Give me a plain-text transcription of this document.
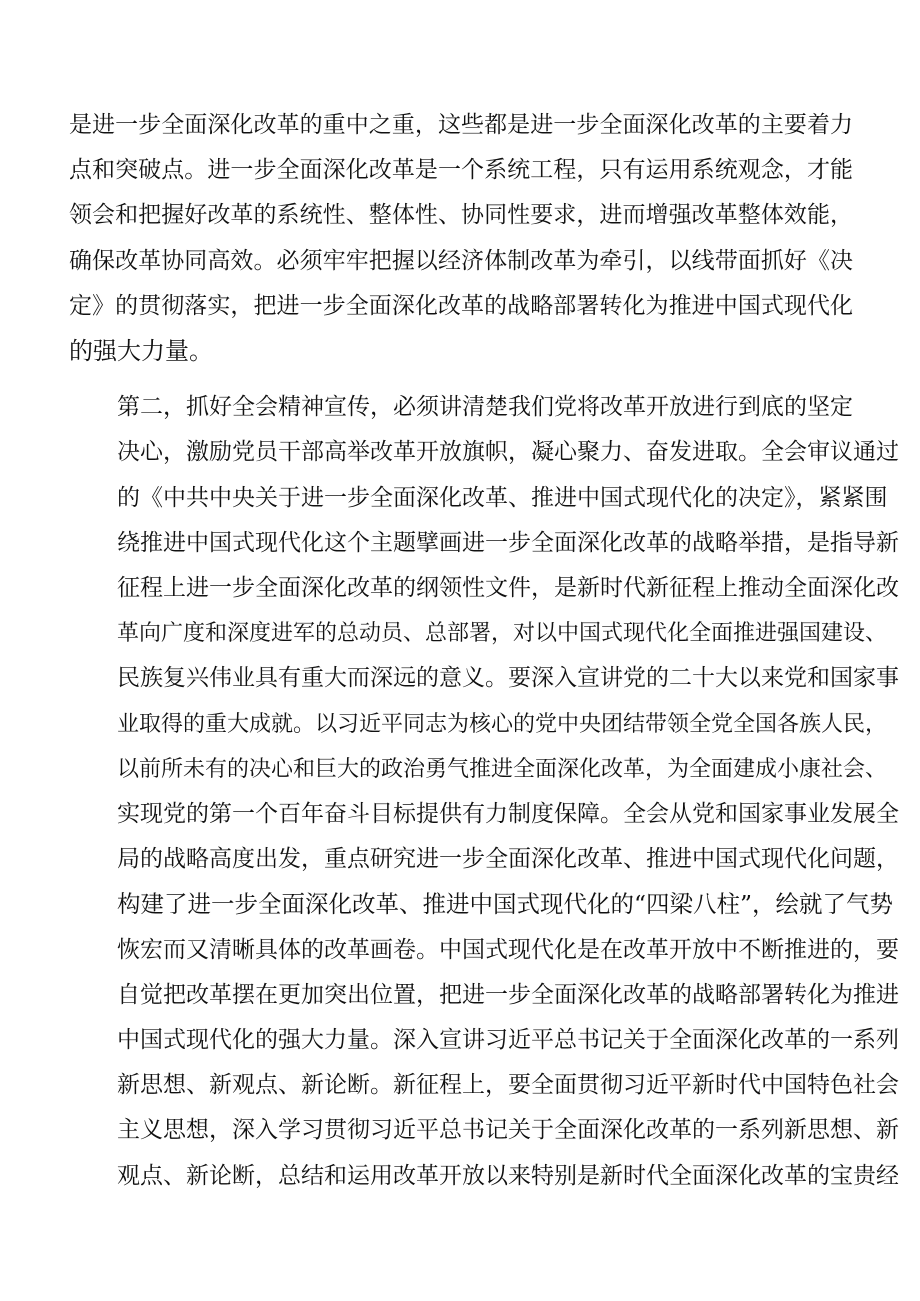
是进一步全面深化改革的重中之重，这些都是进一步全面深化改革的主要着力
点和突破点。进一步全面深化改革是一个系统工程，只有运用系统观念，才能
领会和把握好改革的系统性、整体性、协同性要求，进而增强改革整体效能，
确保改革协同高效。必须牢牢把握以经济体制改革为牵引，以线带面抓好《决
定》的贯彻落实，把进一步全面深化改革的战略部署转化为推进中国式现代化
的强大力量。

第二，抓好全会精神宣传，必须讲清楚我们党将改革开放进行到底的坚定
决心，激励党员干部高举改革开放旗帜，凝心聚力、奋发进取。全会审议通过
的《中共中央关于进一步全面深化改革、推进中国式现代化的决定》，紧紧围
绕推进中国式现代化这个主题擘画进一步全面深化改革的战略举措，是指导新
征程上进一步全面深化改革的纲领性文件，是新时代新征程上推动全面深化改
革向广度和深度进军的总动员、总部署，对以中国式现代化全面推进强国建设、
民族复兴伟业具有重大而深远的意义。要深入宣讲党的二十大以来党和国家事
业取得的重大成就。以习近平同志为核心的党中央团结带领全党全国各族人民，
以前所未有的决心和巨大的政治勇气推进全面深化改革，为全面建成小康社会、
实现党的第一个百年奋斗目标提供有力制度保障。全会从党和国家事业发展全
局的战略高度出发，重点研究进一步全面深化改革、推进中国式现代化问题，
构建了进一步全面深化改革、推进中国式现代化的“四梁八柱”，绘就了气势
恢宏而又清晰具体的改革画卷。中国式现代化是在改革开放中不断推进的，要
自觉把改革摆在更加突出位置，把进一步全面深化改革的战略部署转化为推进
中国式现代化的强大力量。深入宣讲习近平总书记关于全面深化改革的一系列
新思想、新观点、新论断。新征程上，要全面贯彻习近平新时代中国特色社会
主义思想，深入学习贯彻习近平总书记关于全面深化改革的一系列新思想、新
观点、新论断，总结和运用改革开放以来特别是新时代全面深化改革的宝贵经
